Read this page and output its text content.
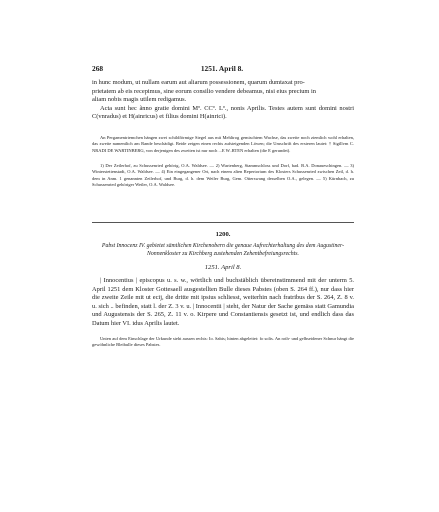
268	1251. April 8.

in hunc modum, ut nullam earum aut aliarum possessionem, quarum dumtaxat pro-

prietatem ab eis recepimus, sine eorum consilio vendere debeamus, nisi eius precium in

aliam nobis magis utilem redigamus.

Acta sunt hec ãnno gratie domini Mº. CCº. Lº., nonis Aprilis. Testes autem sunt domini nostri C(vnradus) et H(ainricus) et filius domini H(ainrici).

An Pergamentriemchen hängen zwei schildförmige Siegel aus mit Mehltrog gemischtem Wachse, das zweite noch ziemlich wohl erhalten, das zweite namentlich am Rande beschädigt. Beide zeigen einen rechts aufsteigenden Löwen; die Umschrift des ersteren lautet: † Sigillvm C. NRADI DE WARTINBERG, von derjenigen des zweiten ist nur noch ...E W..RTEN erhalten (die E gerundet).

1) Der Zeilerhof, zu Schussenried gehörig, O.A. Waldsee. — 2) Wartenberg, Stammschloss und Dorf, bad. B.A. Donaueschingen. — 3) Winterstettenstadt, O.A. Waldsee. — 4) Ein eingegangener Ort, nach einem alten Repertorium des Klosters Schussenried zwischen Zeil, d. h. dem in Anm. 1 genannten Zeilerhof, und Burg, d. h. dem Weiler Burg, Gem. Otterswang desselben O.A., gelegen. — 5) Kürnbach, zu Schussenried gehöriger Weiler, O.A. Waldsee.

1200.

Pabst Innocenz IV. gebietet sämtlichen Kirchenobern die genaue Aufrechterhaltung des dem Augustiner-Nonnenkloster zu Kirchberg zustehenden Zehentbefreiungsrechts.

1251. April 8.

| Innocentius | episcopus u. s. w., wörtlich und buchstäblich übereinstimmend mit der unterm 5. April 1251 dem Kloster Gottesaell ausgestellten Bulle dieses Pabstes (oben S. 264 ff.), nur dass hier die zweite Zeile mit ut ecij, die dritte mit ipsius schliesst, weiterhin nach fratribus der S. 264, Z. 8 v. u. sich .. befinden, statt l. der Z. 3 v. u. | Innocentii | steht, der Natur der Sache gemäss statt Gamundia und Augustensis der S. 265, Z. 11 v. o. Kirpere und Constantiensis gesetzt ist, und endlich dass das Datum hier VI. idus Aprilis lautet.

Unten auf dem Einschlage der Urkunde steht aussen rechts: Io. Sabis; hinten abgeleitet: fo solis. An roth- und gelbseidener Schnur hängt die gewöhnliche Bleibulle dieses Pabstes.
